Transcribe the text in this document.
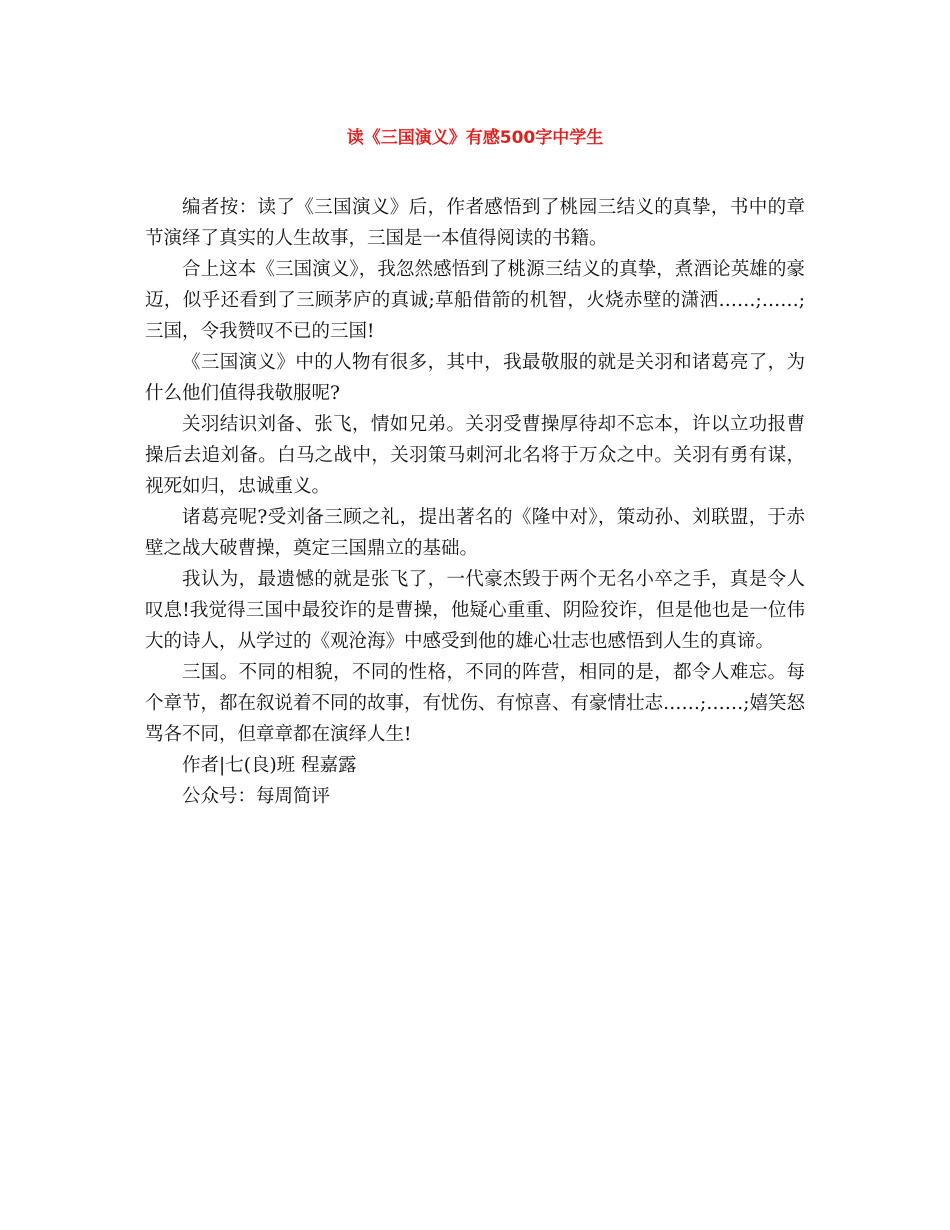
读《三国演义》有感500字中学生

编者按：读了《三国演义》后，作者感悟到了桃园三结义的真挚，书中的章节演绎了真实的人生故事，三国是一本值得阅读的书籍。

合上这本《三国演义》，我忽然感悟到了桃源三结义的真挚，煮酒论英雄的豪迈，似乎还看到了三顾茅庐的真诚;草船借箭的机智，火烧赤壁的潇洒……;……;三国，令我赞叹不已的三国!

《三国演义》中的人物有很多，其中，我最敬服的就是关羽和诸葛亮了，为什么他们值得我敬服呢?

关羽结识刘备、张飞，情如兄弟。关羽受曹操厚待却不忘本，许以立功报曹操后去追刘备。白马之战中，关羽策马刺河北名将于万众之中。关羽有勇有谋，视死如归，忠诚重义。

诸葛亮呢?受刘备三顾之礼，提出著名的《隆中对》，策动孙、刘联盟，于赤壁之战大破曹操，奠定三国鼎立的基础。

我认为，最遗憾的就是张飞了，一代豪杰毁于两个无名小卒之手，真是令人叹息!我觉得三国中最狡诈的是曹操，他疑心重重、阴险狡诈，但是他也是一位伟大的诗人，从学过的《观沧海》中感受到他的雄心壮志也感悟到人生的真谛。

三国。不同的相貌，不同的性格，不同的阵营，相同的是，都令人难忘。每个章节，都在叙说着不同的故事，有忧伤、有惊喜、有豪情壮志……;……;嬉笑怒骂各不同，但章章都在演绎人生!

作者|七(良)班 程嘉露

公众号：每周简评
